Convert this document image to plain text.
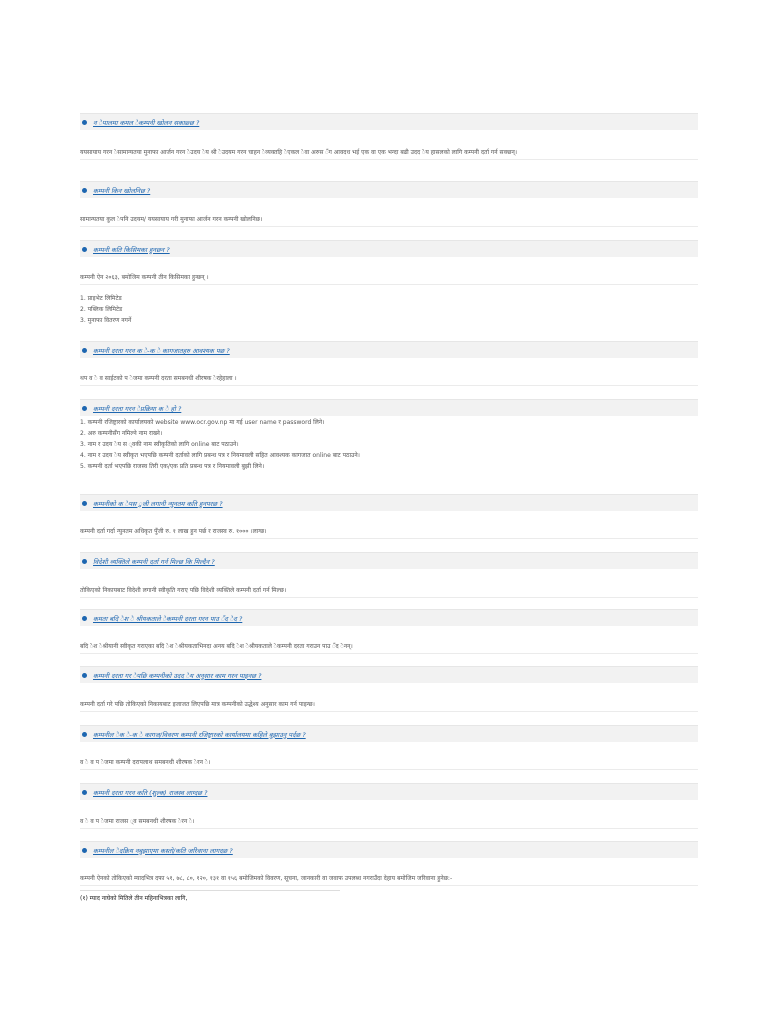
न ेपालमा कमल ेकम्पनी खोलन सकाछ्छ ?
ययसायाय गरन ेसामान्यतया मुनाफा आर्जन गरन ेउदय ेय श्री ेउदयम गरन चाहन ेव्यक्तहि ेएकल ेवा अरुस ँग आवदध भई एक वा एक भन्दा बढी उदद ेय हासलको लागि कम्पनी दर्ता गर्न सक्छन्।
कम्पनी किन खोलनिछ ?
सामान्यतया कुल ेपनि उदयम/ ययसायाय गरी मुनाफा आर्जन गरन कम्पनी खोलनिछ।
कम्पनी कति किसिमका हुनछन ?
कम्पनी ऐन २०६३, बमोजिम कम्पनी तीन किसिमका हुन्छन् ।
1. प्राइभेट लिमिटेड
2. पब्लिक लिमिटेड
3. मुनाफा वितरण नगर्ने
कम्पनी दरता गरन क े-क े कागजातहरु आवश्यक पछ ?
थप व े व साईटको प ेजमा कम्पनी दरता समबनधी शीरषक ेरहेहाला ।
कम्पनी दरता गरन ेप्रक्रिया क े हो ?
1. कम्पनी रजिष्ट्रारको कार्यालयको website www.ocr.gov.np मा गई user name र password लिने।
2. अरु कम्पनीसँग नमिल्ने नाम राख्ने।
3. नाम र उदय ेय स ्वकी नाम स्वीकृतिको लागि online बाट पठाउने।
4. नाम र उदय ेय स्वीकृत भएपछि कम्पनी दर्ताको लागि प्रबन्ध पत्र र नियमावली सहित आवश्यक कागजात online बाट पठाउने।
5. कम्पनी दर्ता भएपछि राजस्व तिरी एक/एक प्रति प्रबन्ध पत्र र नियमावली बुझी लिने।
कम्पनीको क ेपस ुजी लगानी न्युनतम कति हुनपरछ ?
कम्पनी दर्ता गर्दा न्युनतम अधिकृत पुँजी रु. १ लाख हुन पर्छ र राजस्व रु. १००० ।लाग्छ।
विदेशी व्यक्तिले कम्पनी दर्ता गर्न मिल्छ कि मिल्दैन ?
तोकिएको निकायबाट विदेशी लगानी स्वीकृति गराए पछि विदेशी व्यक्तिले कम्पनी दर्ता गर्न मिल्छ।
कमता बदि ेश े श्रीयकताले ेकम्पनी दरता गरन पाउ ँद ेद ?
बदि ेश ेश्रीयानी स्वीकृत गराएका बदि ेश ेश्रीयकताभिनदा अनय बदि ेश ेश्रीयकताले ेकम्पनी दरता गराउन पाउ ँद ेनन्।
कम्पनी दरता गर ेपछि कम्पनीको उदद ेय अनुसार काम गरन पाइनछ ?
कम्पनी दर्ता गरे पछि तोकिएको निकायबाट इजाजत लिएपछि मात्र कम्पनीको उद्धेश्य अनुसार काम गर्न पाइन्छ।
कम्पनील ेक े-क े कागज/विवरण कम्पनी रजिष्ट्रारको कार्यालयमा कहिले बुझाउनु पर्दछ ?
व े व प ेजमा कम्पनी दरापलाथ समबनधी शीरषक ेरन े।
कम्पनी दरता गरन कति (शुल्क) राजस्व लाग्दछ ?
व े व प ेजमा राजस ्व समबनधी शीरषक ेरन े।
कम्पनील ेदक्रिय नबुझाएमा कस्तो/कति जरिवाना लागदछ ?
कम्पनी ऐनको तोकिएको म्यादभित्र दफा ५१, ७८, ८०, १२०, १३१ वा १५६ बमोजिमको विवरण, सूचना, जानकारी वा जवाफ उपलब्ध नगराउँदा देहाय बमोजिम जरिवाना हुनेछ:-
(१) म्याद नाघेको मितिले तीन महिनाभित्रका लागि,
